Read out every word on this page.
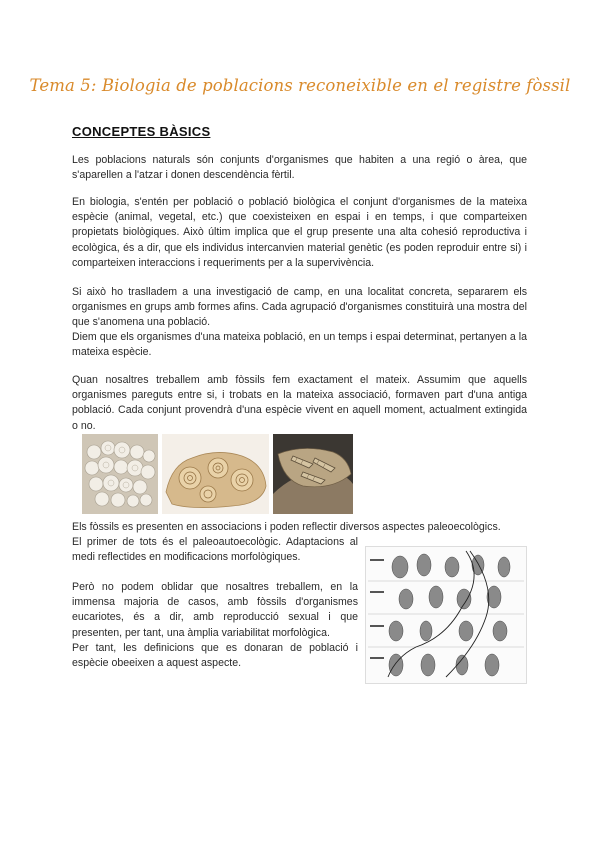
Tema 5: Biologia de poblacions reconeixible en el registre fòssil
CONCEPTES BÀSICS
Les poblacions naturals són conjunts d'organismes que habiten a una regió o àrea, que s'aparellen a l'atzar i donen descendència fèrtil.
En biologia, s'entén per població o població biològica el conjunt d'organismes de la mateixa espècie (animal, vegetal, etc.) que coexisteixen en espai i en temps, i que comparteixen propietats biològiques. Això últim implica que el grup presente una alta cohesió reproductiva i ecològica, és a dir, que els individus intercanvien material genètic (es poden reproduir entre si) i comparteixen interaccions i requeriments per a la supervivència.
Si això ho traslladem a una investigació de camp, en una localitat concreta, separarem els organismes en grups amb formes afins. Cada agrupació d'organismes constituirà una mostra del que s'anomena una població.
Diem que els organismes d'una mateixa població, en un temps i espai determinat, pertanyen a la mateixa espècie.
Quan nosaltres treballem amb fòssils fem exactament el mateix. Assumim que aquells organismes pareguts entre si, i trobats en la mateixa associació, formaven part d'una antiga població. Cada conjunt provendrà d'una espècie vivent en aquell moment, actualment extingida o no.
Els fòssils es presenten en associacions i poden reflectir diversos aspectes paleoecològics.
El primer de tots és el paleoautoecològic. Adaptacions al medi reflectides en modificacions morfològiques.
Però no podem oblidar que nosaltres treballem, en la immensa majoria de casos, amb fòssils d'organismes eucariotes, és a dir, amb reproducció sexual i que presenten, per tant, una àmplia variabilitat morfològica.
Per tant, les definicions que es donaran de població i espècie obeeixen a aquest aspecte.
